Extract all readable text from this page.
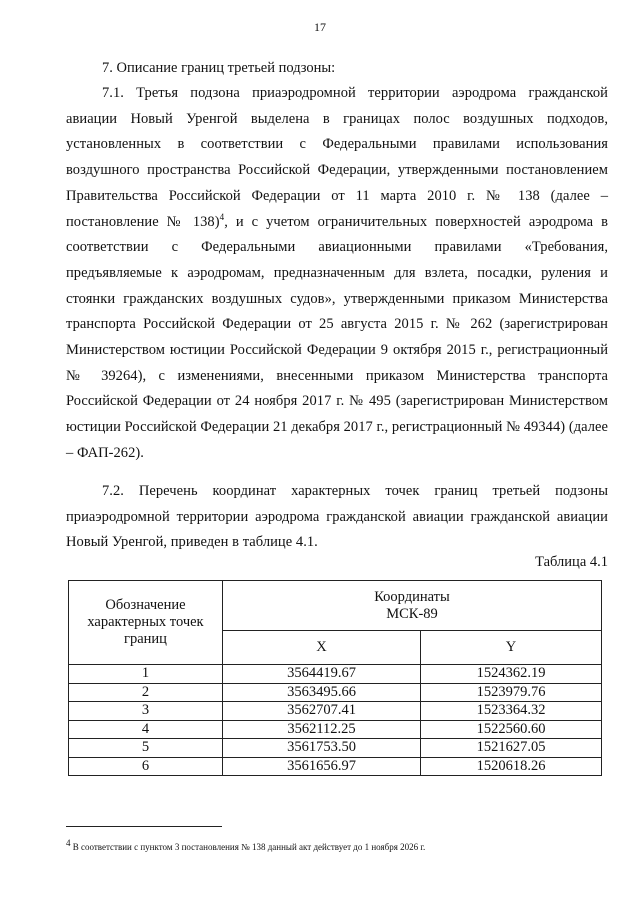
17
7. Описание границ третьей подзоны:
7.1. Третья подзона приаэродромной территории аэродрома гражданской авиации Новый Уренгой выделена в границах полос воздушных подходов, установленных в соответствии с Федеральными правилами использования воздушного пространства Российской Федерации, утвержденными постановлением Правительства Российской Федерации от 11 марта 2010 г. № 138 (далее – постановление № 138)$^4$, и с учетом ограничительных поверхностей аэродрома в соответствии с Федеральными авиационными правилами «Требования, предъявляемые к аэродромам, предназначенным для взлета, посадки, руления и стоянки гражданских воздушных судов», утвержденными приказом Министерства транспорта Российской Федерации от 25 августа 2015 г. № 262 (зарегистрирован Министерством юстиции Российской Федерации 9 октября 2015 г., регистрационный № 39264), с изменениями, внесенными приказом Министерства транспорта Российской Федерации от 24 ноября 2017 г. № 495 (зарегистрирован Министерством юстиции Российской Федерации 21 декабря 2017 г., регистрационный № 49344) (далее – ФАП-262).
7.2. Перечень координат характерных точек границ третьей подзоны приаэродромной территории аэродрома гражданской авиации гражданской авиации Новый Уренгой, приведен в таблице 4.1.
Таблица 4.1
Обозначение характерных точек границ	Координаты
МСК-89	

	X	Y
1	3564419.67	1524362.19
2	3563495.66	1523979.76
3	3562707.41	1523364.32
4	3562112.25	1522560.60
5	3561753.50	1521627.05
6	3561656.97	1520618.26
$^4$ В соответствии с пунктом 3 постановления № 138 данный акт действует до 1 ноября 2026 г.
